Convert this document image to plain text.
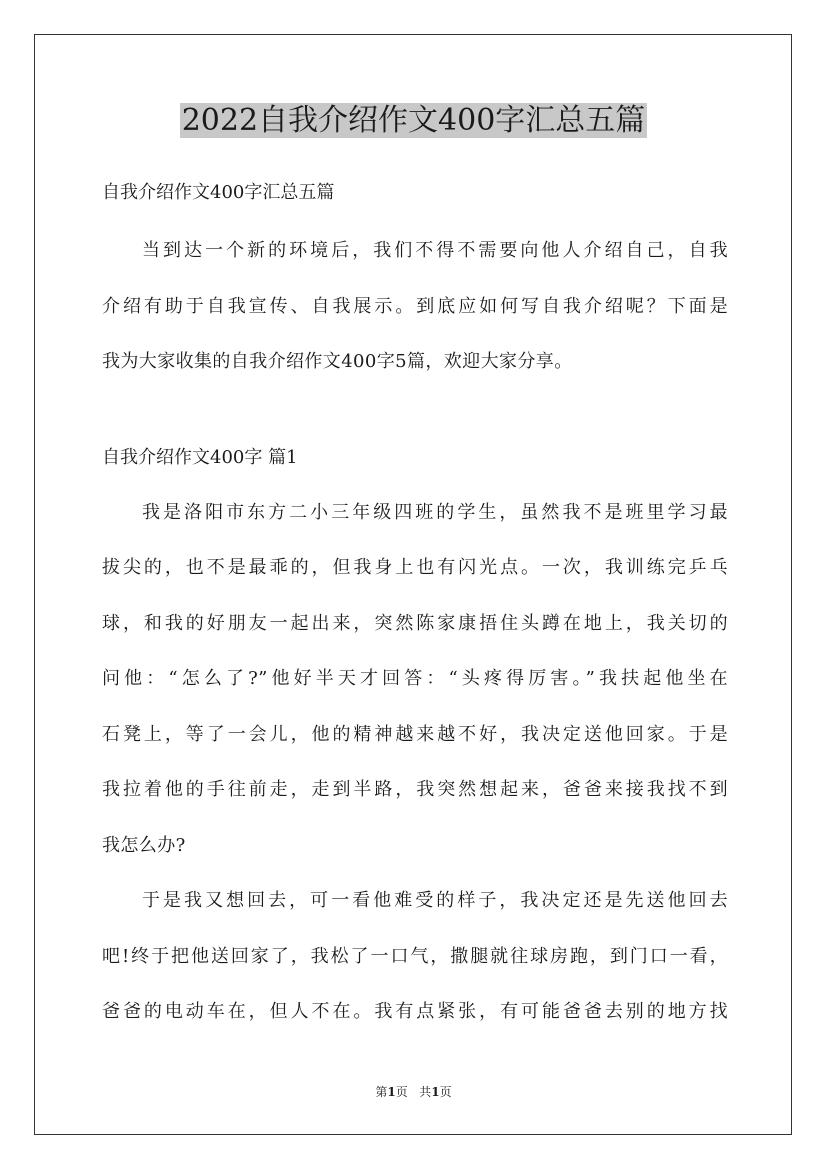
2022自我介绍作文400字汇总五篇

自我介绍作文400字汇总五篇

当到达一个新的环境后，我们不得不需要向他人介绍自己，自我
介绍有助于自我宣传、自我展示。到底应如何写自我介绍呢？下面是
我为大家收集的自我介绍作文400字5篇，欢迎大家分享。

自我介绍作文400字 篇1

我是洛阳市东方二小三年级四班的学生，虽然我不是班里学习最
拔尖的，也不是最乖的，但我身上也有闪光点。一次，我训练完乒乓
球，和我的好朋友一起出来，突然陈家康捂住头蹲在地上，我关切的
问他：“怎么了?”他好半天才回答：“头疼得厉害。”我扶起他坐在
石凳上，等了一会儿，他的精神越来越不好，我决定送他回家。于是
我拉着他的手往前走，走到半路，我突然想起来，爸爸来接我找不到
我怎么办?
于是我又想回去，可一看他难受的样子，我决定还是先送他回去
吧!终于把他送回家了，我松了一口气，撒腿就往球房跑，到门口一看，
爸爸的电动车在，但人不在。我有点紧张，有可能爸爸去别的地方找
第1页 共1页
